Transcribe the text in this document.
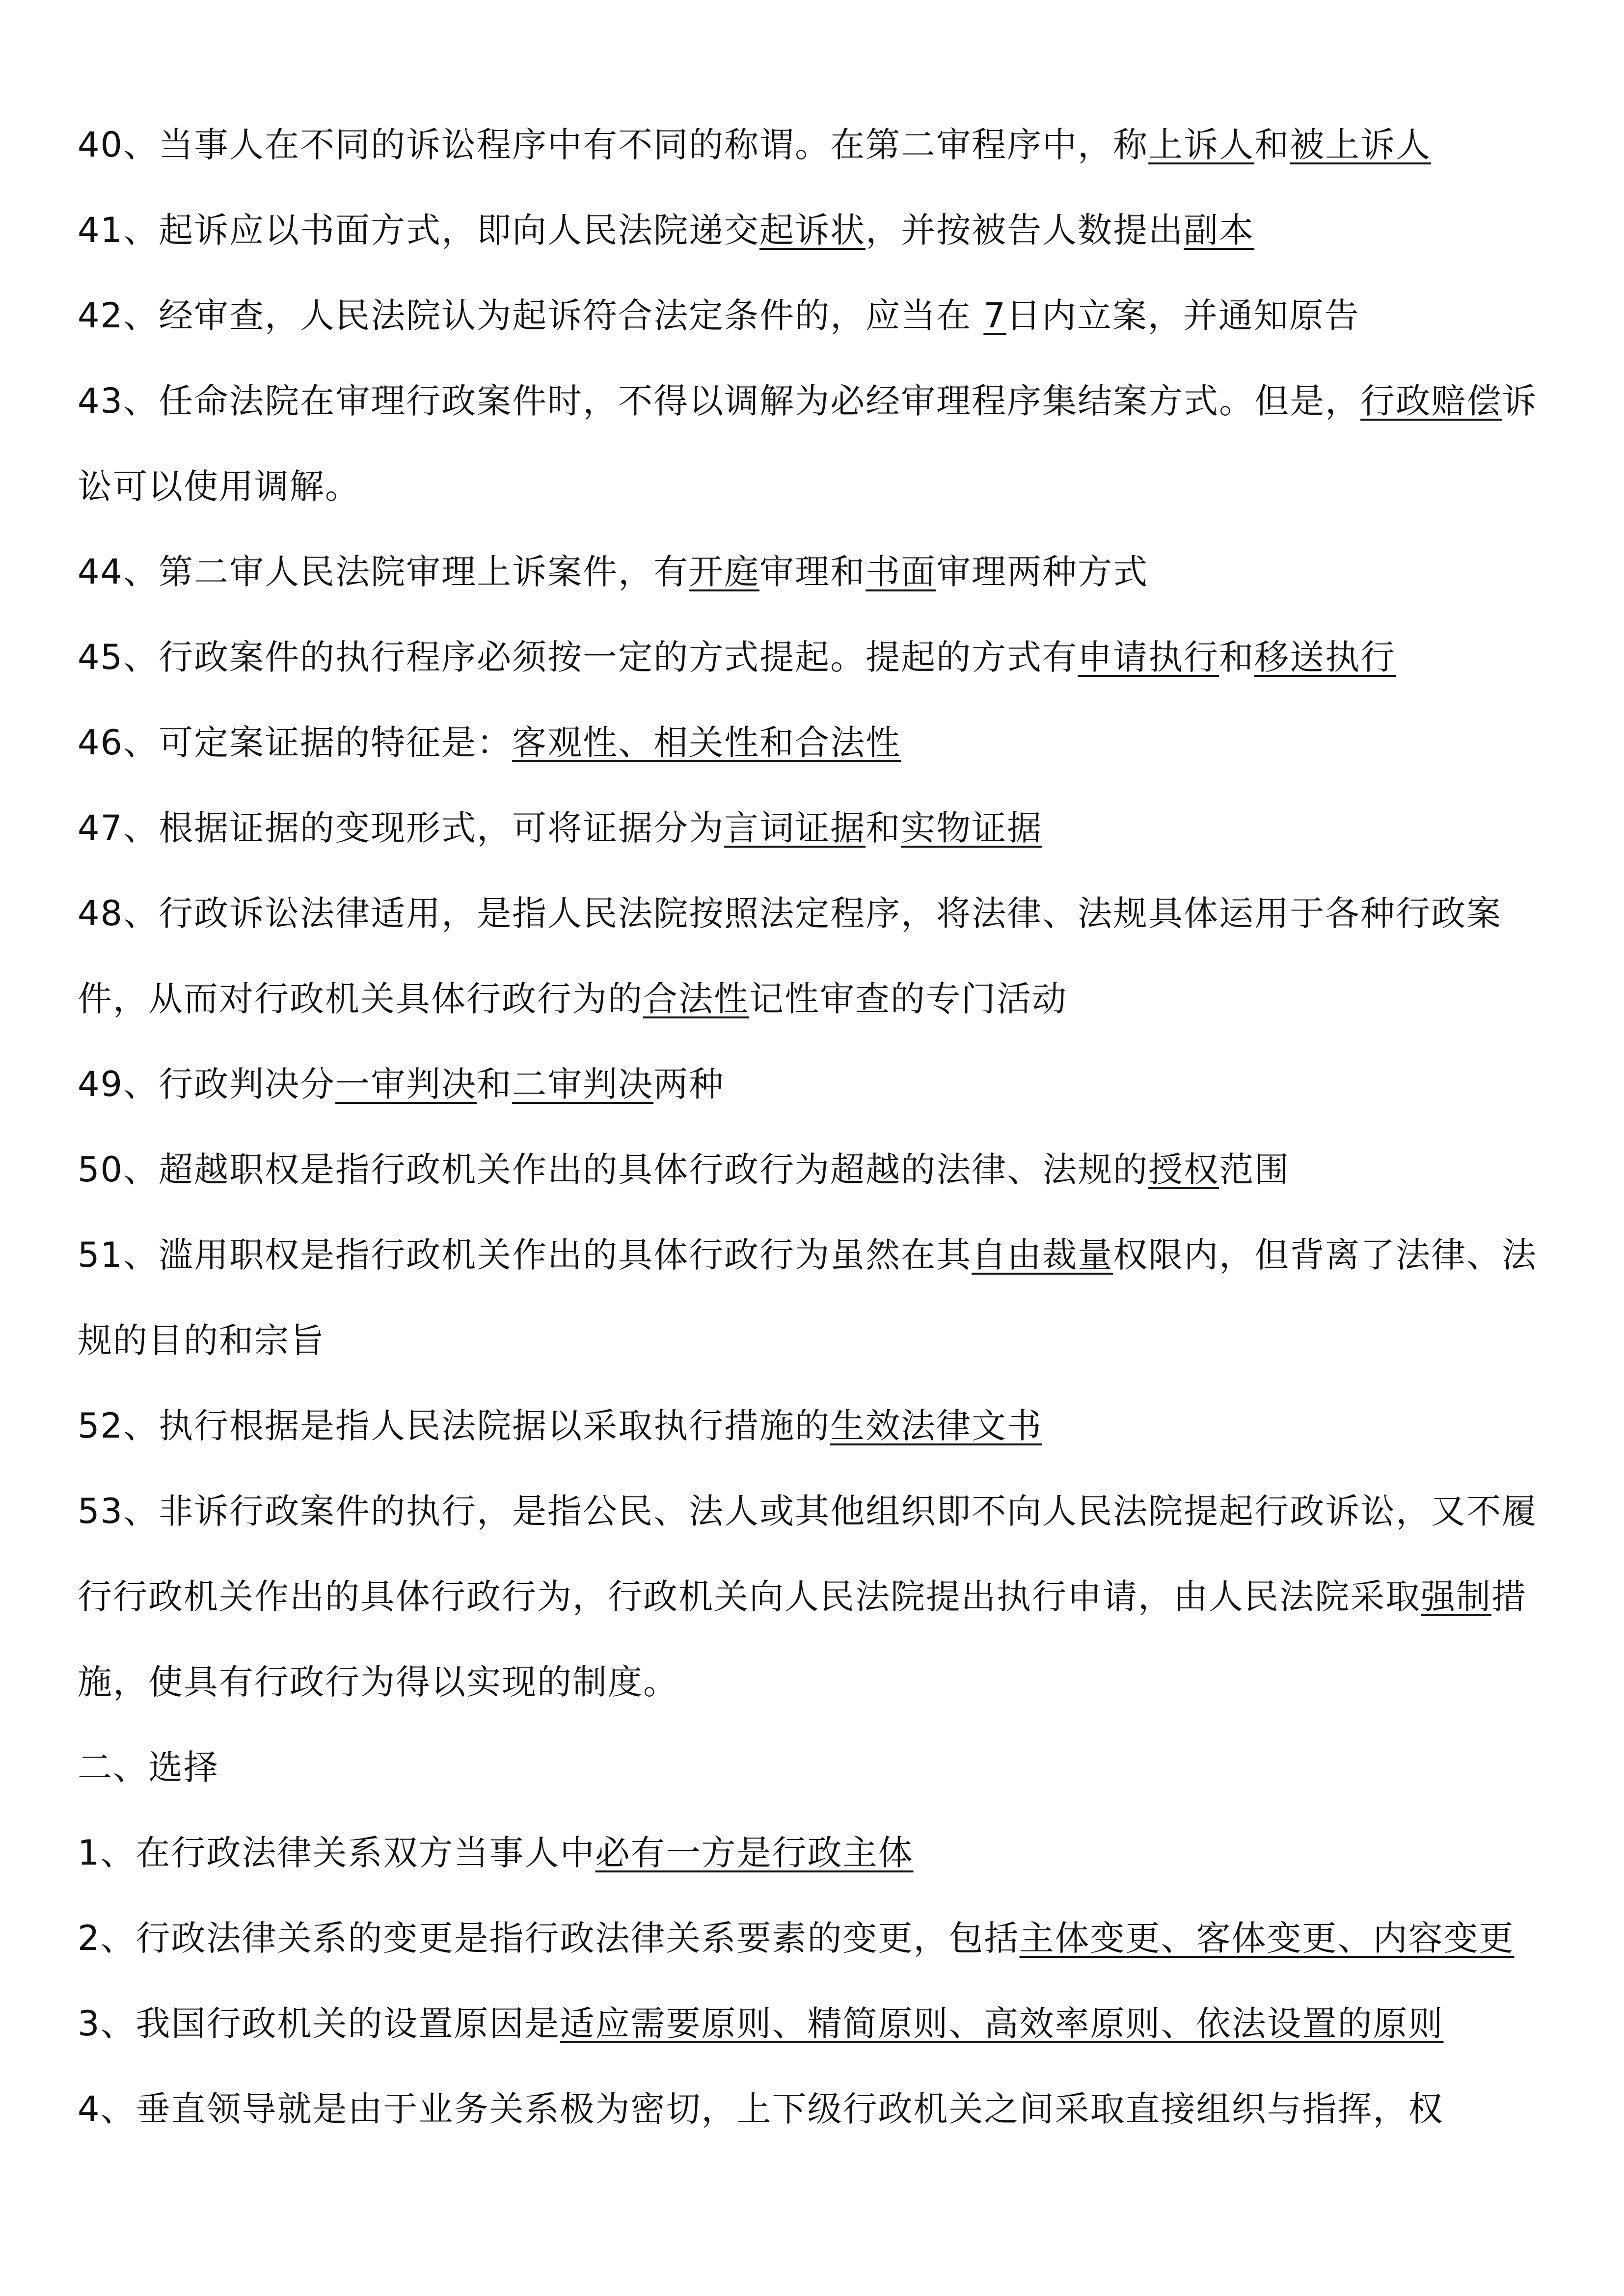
40、当事人在不同的诉讼程序中有不同的称谓。在第二审程序中，称上诉人和被上诉人

41、起诉应以书面方式，即向人民法院递交起诉状，并按被告人数提出副本

42、经审查，人民法院认为起诉符合法定条件的，应当在 7日内立案，并通知原告

43、任命法院在审理行政案件时，不得以调解为必经审理程序集结案方式。但是，行政赔偿诉讼可以使用调解。

44、第二审人民法院审理上诉案件，有开庭审理和书面审理两种方式

45、行政案件的执行程序必须按一定的方式提起。提起的方式有申请执行和移送执行

46、可定案证据的特征是：客观性、相关性和合法性

47、根据证据的变现形式，可将证据分为言词证据和实物证据

48、行政诉讼法律适用，是指人民法院按照法定程序，将法律、法规具体运用于各种行政案件，从而对行政机关具体行政行为的合法性记性审查的专门活动

49、行政判决分一审判决和二审判决两种

50、超越职权是指行政机关作出的具体行政行为超越的法律、法规的授权范围

51、滥用职权是指行政机关作出的具体行政行为虽然在其自由裁量权限内，但背离了法律、法规的目的和宗旨

52、执行根据是指人民法院据以采取执行措施的生效法律文书

53、非诉行政案件的执行，是指公民、法人或其他组织即不向人民法院提起行政诉讼，又不履行行政机关作出的具体行政行为，行政机关向人民法院提出执行申请，由人民法院采取强制措施，使具有行政行为得以实现的制度。

二、选择

1、在行政法律关系双方当事人中必有一方是行政主体

2、行政法律关系的变更是指行政法律关系要素的变更，包括主体变更、客体变更、内容变更

3、我国行政机关的设置原因是适应需要原则、精简原则、高效率原则、依法设置的原则

4、垂直领导就是由于业务关系极为密切，上下级行政机关之间采取直接组织与指挥，权
